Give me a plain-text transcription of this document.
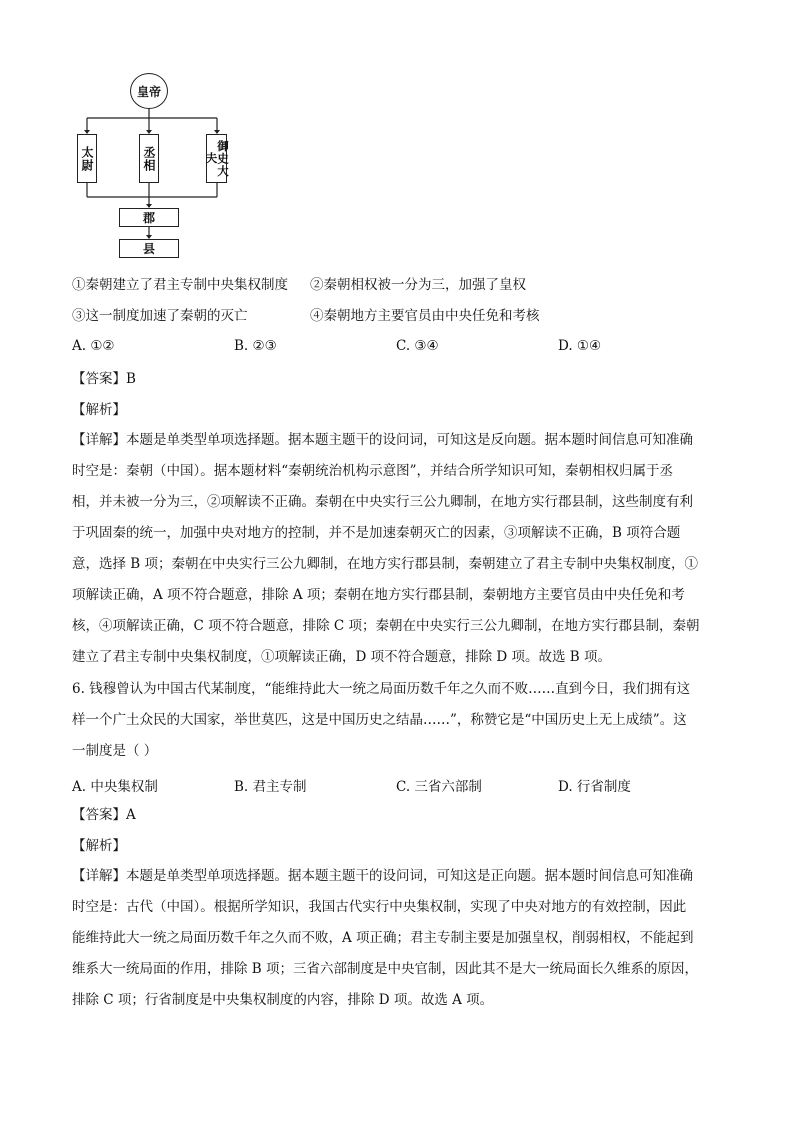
皇帝
太尉	丞相	御史大夫
郡
县
①秦朝建立了君主专制中央集权制度 ②秦朝相权被一分为三，加强了皇权
③这一制度加速了秦朝的灭亡	④秦朝地方主要官员由中央任免和考核
A. ①②	B. ②③	C. ③④	D. ①④
【答案】B
【解析】
【详解】本题是单类型单项选择题。据本题主题干的设问词，可知这是反向题。据本题时间信息可知准确
时空是：秦朝（中国）。据本题材料“秦朝统治机构示意图”，并结合所学知识可知，秦朝相权归属于丞
相，并未被一分为三，②项解读不正确。秦朝在中央实行三公九卿制，在地方实行郡县制，这些制度有利
于巩固秦的统一，加强中央对地方的控制，并不是加速秦朝灭亡的因素，③项解读不正确，B 项符合题
意，选择 B 项；秦朝在中央实行三公九卿制，在地方实行郡县制，秦朝建立了君主专制中央集权制度，①
项解读正确，A 项不符合题意，排除 A 项；秦朝在地方实行郡县制，秦朝地方主要官员由中央任免和考
核，④项解读正确，C 项不符合题意，排除 C 项；秦朝在中央实行三公九卿制，在地方实行郡县制，秦朝
建立了君主专制中央集权制度，①项解读正确，D 项不符合题意，排除 D 项。故选 B 项。
6. 钱穆曾认为中国古代某制度，“能维持此大一统之局面历数千年之久而不败……直到今日，我们拥有这
样一个广土众民的大国家，举世莫匹，这是中国历史之结晶……”，称赞它是“中国历史上无上成绩”。这
一制度是（ ）
A. 中央集权制	B. 君主专制	C. 三省六部制	D. 行省制度
【答案】A
【解析】
【详解】本题是单类型单项选择题。据本题主题干的设问词，可知这是正向题。据本题时间信息可知准确
时空是：古代（中国）。根据所学知识，我国古代实行中央集权制，实现了中央对地方的有效控制，因此
能维持此大一统之局面历数千年之久而不败，A 项正确；君主专制主要是加强皇权，削弱相权，不能起到
维系大一统局面的作用，排除 B 项；三省六部制度是中央官制，因此其不是大一统局面长久维系的原因，
排除 C 项；行省制度是中央集权制度的内容，排除 D 项。故选 A 项。
